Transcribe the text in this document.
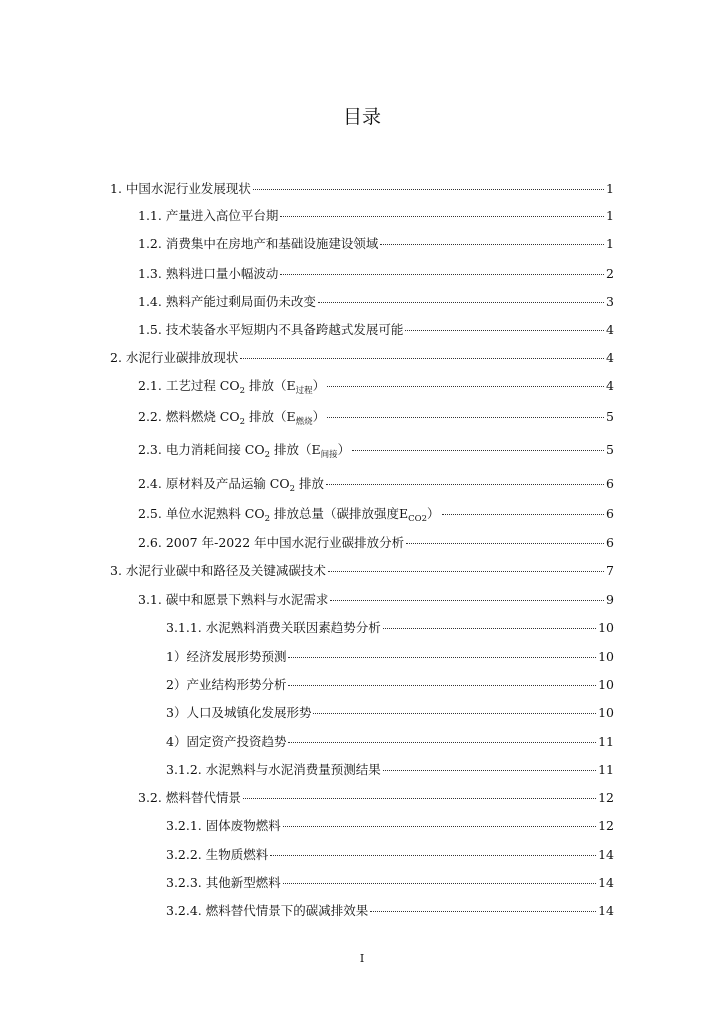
目录
1. 中国水泥行业发展现状	1
1.1. 产量进入高位平台期	1
1.2. 消费集中在房地产和基础设施建设领域	1
1.3. 熟料进口量小幅波动	2
1.4. 熟料产能过剩局面仍未改变	3
1.5. 技术装备水平短期内不具备跨越式发展可能	4
2. 水泥行业碳排放现状	4
2.1. 工艺过程 $CO_2$ 排放$(E_{过程})$	4
2.2. 燃料燃烧 $CO_2$ 排放$(E_{燃烧})$	5
2.3. 电力消耗间接 $CO_2$ 排放$(E_{间接})$	5
2.4. 原材料及产品运输 $CO_2$ 排放	6
2.5. 单位水泥熟料 $CO_2$ 排放总量（碳排放强度$E_{CO2}$）	6
2.6. 2007 年-2022 年中国水泥行业碳排放分析	6
3. 水泥行业碳中和路径及关键减碳技术	7
3.1. 碳中和愿景下熟料与水泥需求	9
3.1.1. 水泥熟料消费关联因素趋势分析	10
1）经济发展形势预测	10
2）产业结构形势分析	10
3）人口及城镇化发展形势	10
4）固定资产投资趋势	11
3.1.2. 水泥熟料与水泥消费量预测结果	11
3.2. 燃料替代情景	12
3.2.1. 固体废物燃料	12
3.2.2. 生物质燃料	14
3.2.3. 其他新型燃料	14
3.2.4. 燃料替代情景下的碳减排效果	14
I
